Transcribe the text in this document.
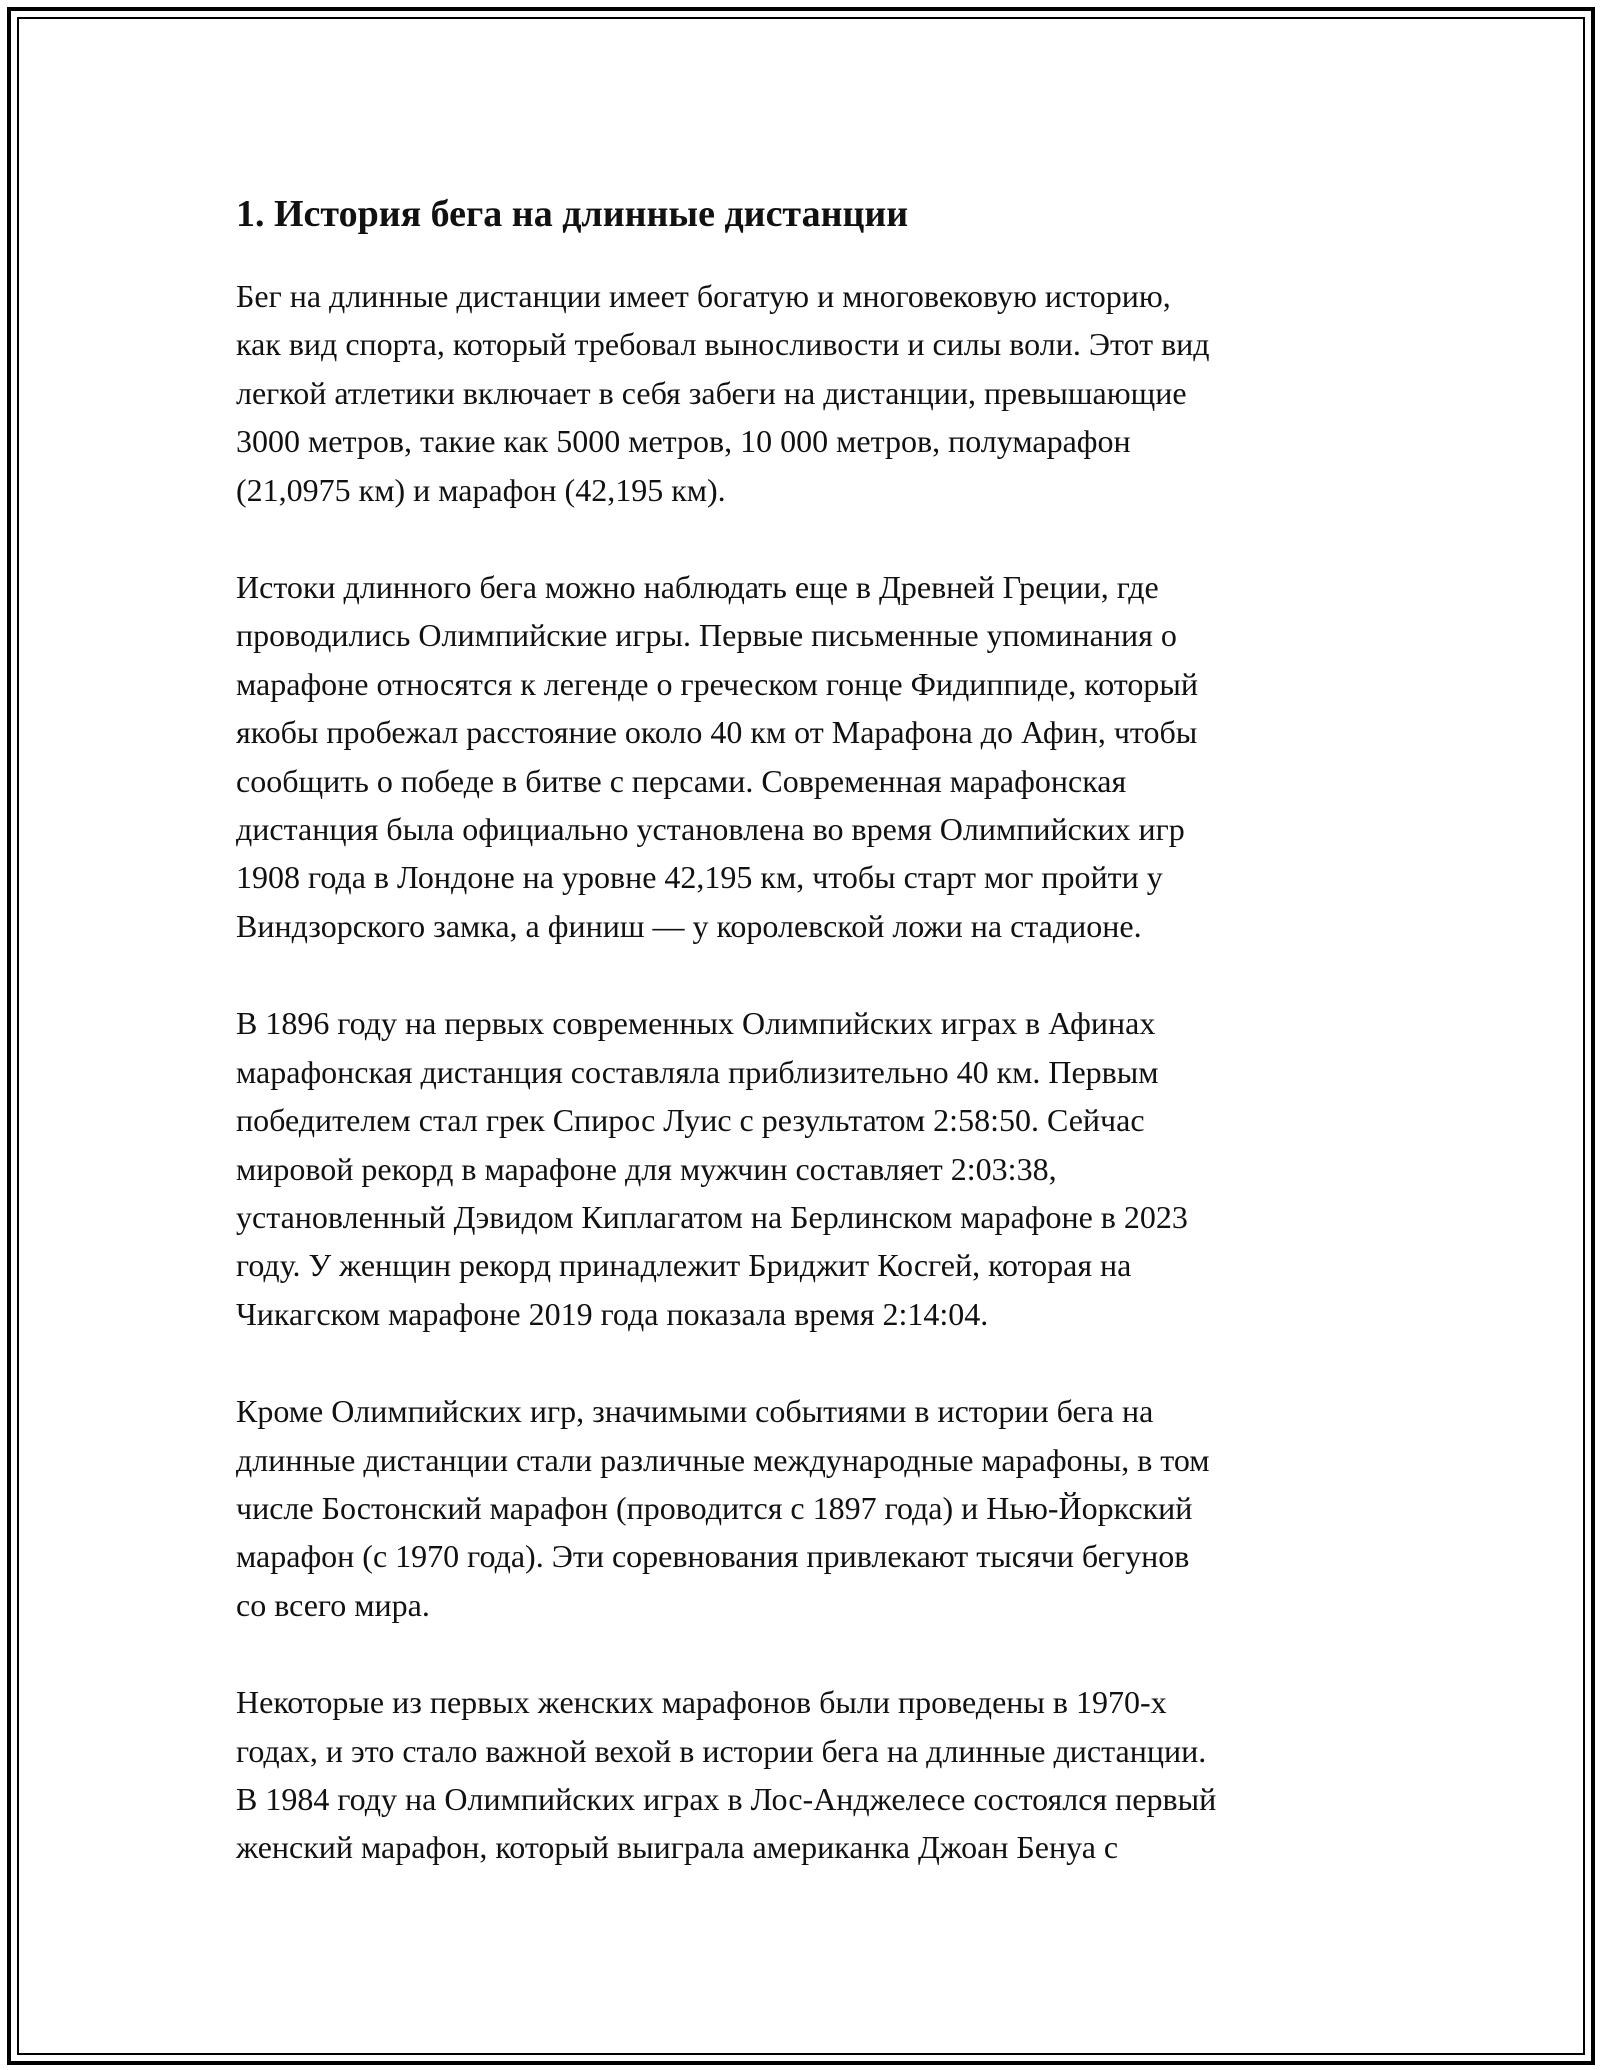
1. История бега на длинные дистанции

Бег на длинные дистанции имеет богатую и многовековую историю,
как вид спорта, который требовал выносливости и силы воли. Этот вид
легкой атлетики включает в себя забеги на дистанции, превышающие
3000 метров, такие как 5000 метров, 10 000 метров, полумарафон
(21,0975 км) и марафон (42,195 км).

Истоки длинного бега можно наблюдать еще в Древней Греции, где
проводились Олимпийские игры. Первые письменные упоминания о
марафоне относятся к легенде о греческом гонце Фидиппиде, который
якобы пробежал расстояние около 40 км от Марафона до Афин, чтобы
сообщить о победе в битве с персами. Современная марафонская
дистанция была официально установлена во время Олимпийских игр
1908 года в Лондоне на уровне 42,195 км, чтобы старт мог пройти у
Виндзорского замка, а финиш — у королевской ложи на стадионе.

В 1896 году на первых современных Олимпийских играх в Афинах
марафонская дистанция составляла приблизительно 40 км. Первым
победителем стал грек Спирос Луис с результатом 2:58:50. Сейчас
мировой рекорд в марафоне для мужчин составляет 2:03:38,
установленный Дэвидом Киплагатом на Берлинском марафоне в 2023
году. У женщин рекорд принадлежит Бриджит Косгей, которая на
Чикагском марафоне 2019 года показала время 2:14:04.

Кроме Олимпийских игр, значимыми событиями в истории бега на
длинные дистанции стали различные международные марафоны, в том
числе Бостонский марафон (проводится с 1897 года) и Нью-Йоркский
марафон (с 1970 года). Эти соревнования привлекают тысячи бегунов
со всего мира.

Некоторые из первых женских марафонов были проведены в 1970-х
годах, и это стало важной вехой в истории бега на длинные дистанции.
В 1984 году на Олимпийских играх в Лос-Анджелесе состоялся первый
женский марафон, который выиграла американка Джоан Бенуа с
